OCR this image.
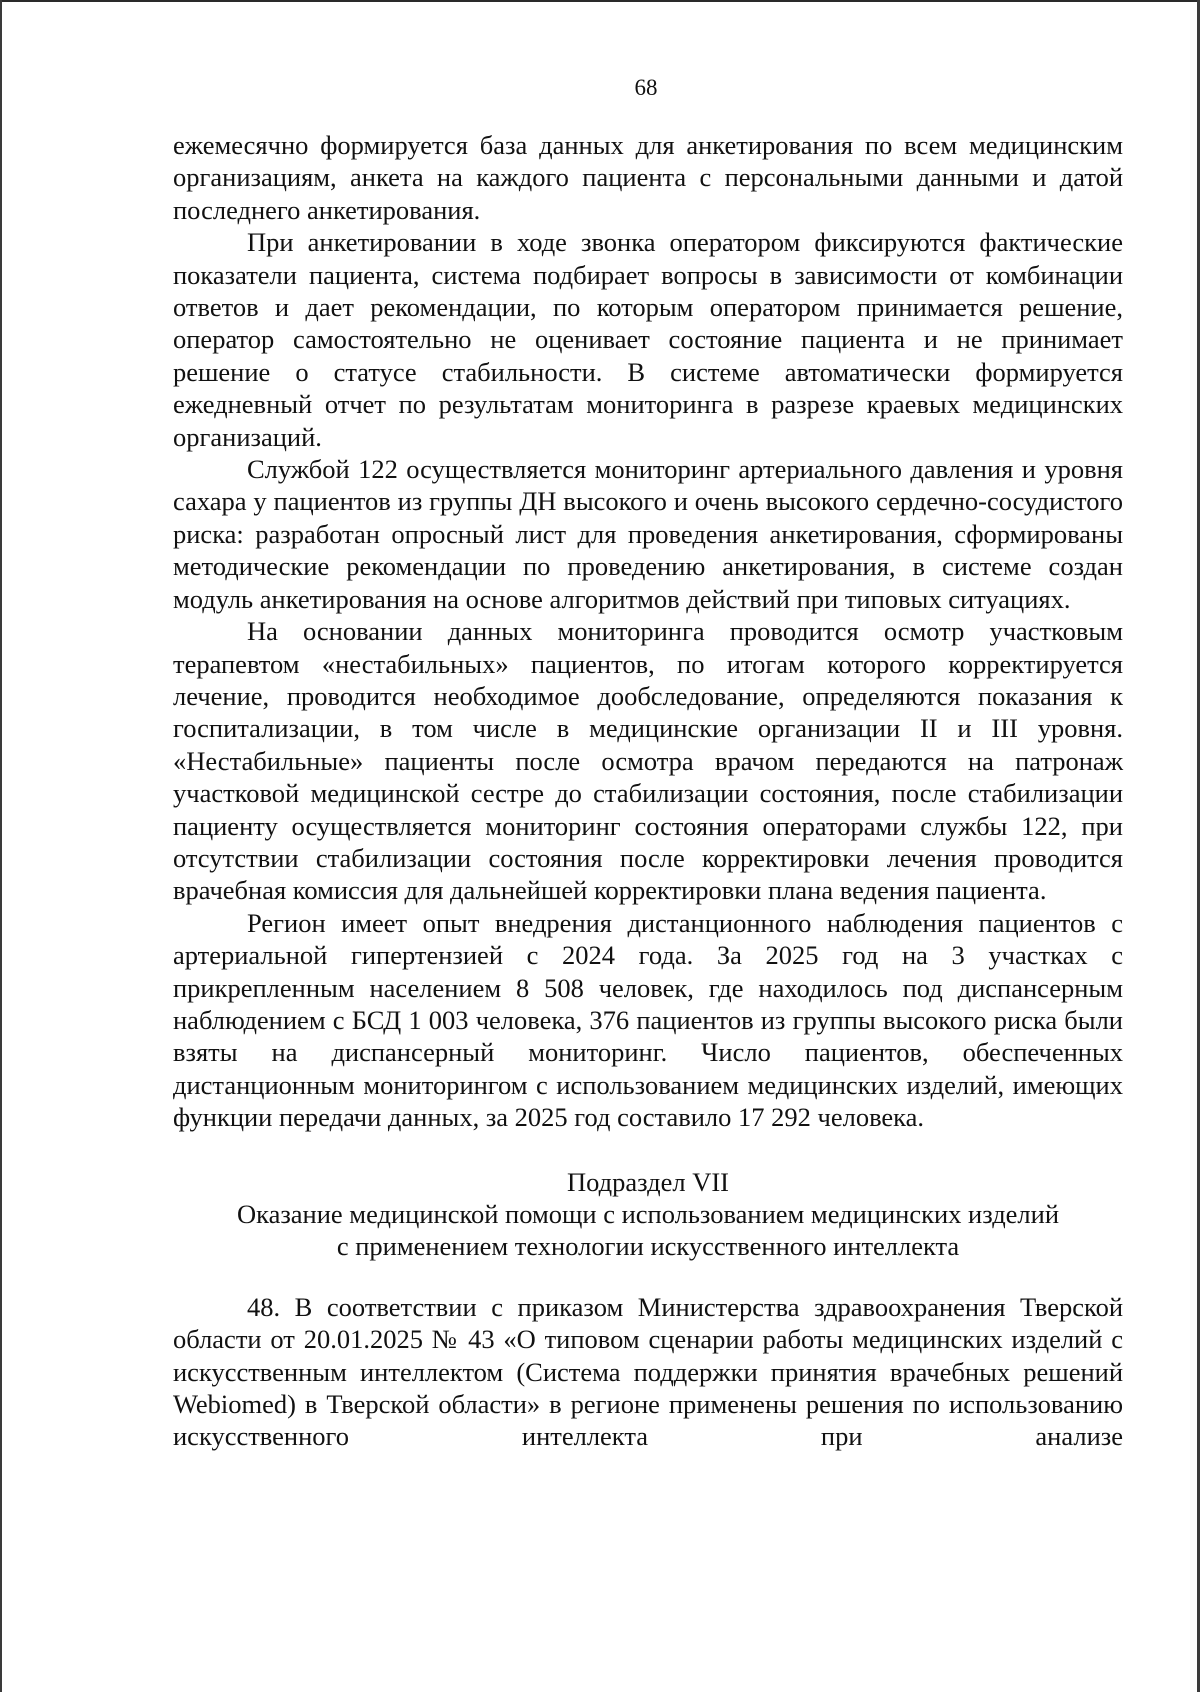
68

ежемесячно формируется база данных для анкетирования по всем медицинским организациям, анкета на каждого пациента с персональными данными и датой последнего анкетирования.

При анкетировании в ходе звонка оператором фиксируются фактические показатели пациента, система подбирает вопросы в зависимости от комбинации ответов и дает рекомендации, по которым оператором принимается решение, оператор самостоятельно не оценивает состояние пациента и не принимает решение о статусе стабильности. В системе автоматически формируется ежедневный отчет по результатам мониторинга в разрезе краевых медицинских организаций.

Службой 122 осуществляется мониторинг артериального давления и уровня сахара у пациентов из группы ДН высокого и очень высокого сердечно-сосудистого риска: разработан опросный лист для проведения анкетирования, сформированы методические рекомендации по проведению анкетирования, в системе создан модуль анкетирования на основе алгоритмов действий при типовых ситуациях.

На основании данных мониторинга проводится осмотр участковым терапевтом «нестабильных» пациентов, по итогам которого корректируется лечение, проводится необходимое дообследование, определяются показания к госпитализации, в том числе в медицинские организации II и III уровня. «Нестабильные» пациенты после осмотра врачом передаются на патронаж участковой медицинской сестре до стабилизации состояния, после стабилизации пациенту осуществляется мониторинг состояния операторами службы 122, при отсутствии стабилизации состояния после корректировки лечения проводится врачебная комиссия для дальнейшей корректировки плана ведения пациента.

Регион имеет опыт внедрения дистанционного наблюдения пациентов с артериальной гипертензией с 2024 года. За 2025 год на 3 участках с прикрепленным населением 8 508 человек, где находилось под диспансерным наблюдением с БСД 1 003 человека, 376 пациентов из группы высокого риска были взяты на диспансерный мониторинг. Число пациентов, обеспеченных дистанционным мониторингом с использованием медицинских изделий, имеющих функции передачи данных, за 2025 год составило 17 292 человека.

Подраздел VII
Оказание медицинской помощи с использованием медицинских изделий
с применением технологии искусственного интеллекта

48. В соответствии с приказом Министерства здравоохранения Тверской области от 20.01.2025 № 43 «О типовом сценарии работы медицинских изделий с искусственным интеллектом (Система поддержки принятия врачебных решений Webiomed) в Тверской области» в регионе применены решения по использованию искусственного интеллекта при анализе
